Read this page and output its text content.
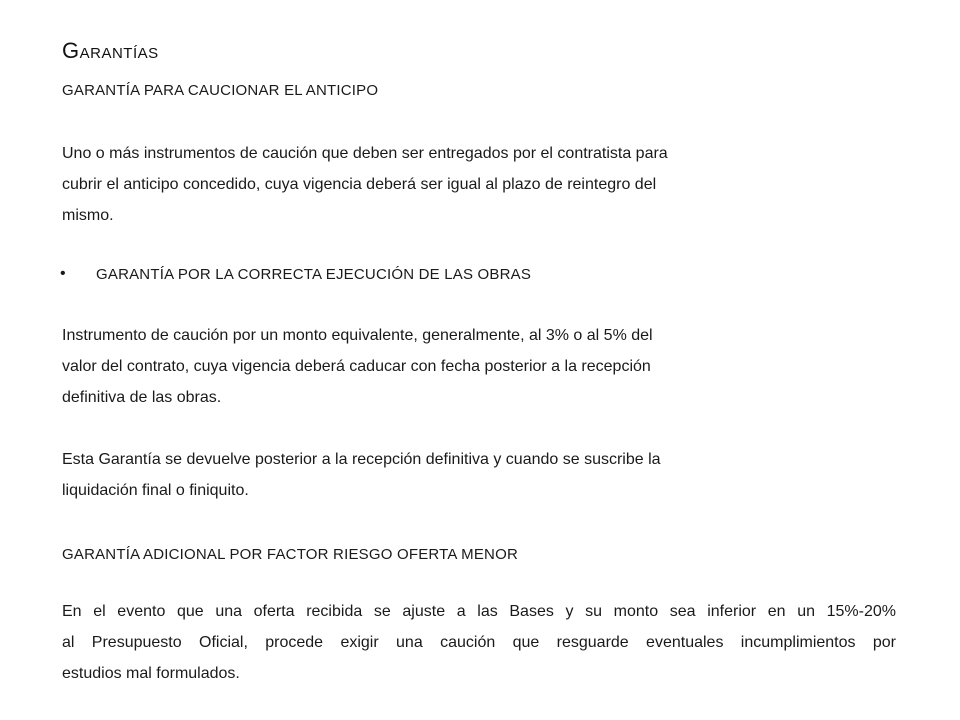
Garantías
GARANTÍA PARA CAUCIONAR EL ANTICIPO
Uno o más instrumentos de caución que deben ser entregados por el contratista para
cubrir el anticipo concedido, cuya vigencia deberá ser igual al plazo de reintegro del
mismo.
• GARANTÍA POR LA CORRECTA EJECUCIÓN DE LAS OBRAS
Instrumento de caución por un monto equivalente, generalmente, al 3% o al 5% del
valor del contrato, cuya vigencia deberá caducar con fecha posterior a la recepción
definitiva de las obras.
Esta Garantía se devuelve posterior a la recepción definitiva y cuando se suscribe la
liquidación final o finiquito.
GARANTÍA ADICIONAL POR FACTOR RIESGO OFERTA MENOR
En el evento que una oferta recibida se ajuste a las Bases y su monto sea inferior en un 15%-20%
al Presupuesto Oficial, procede exigir una caución que resguarde eventuales incumplimientos por
estudios mal formulados.
